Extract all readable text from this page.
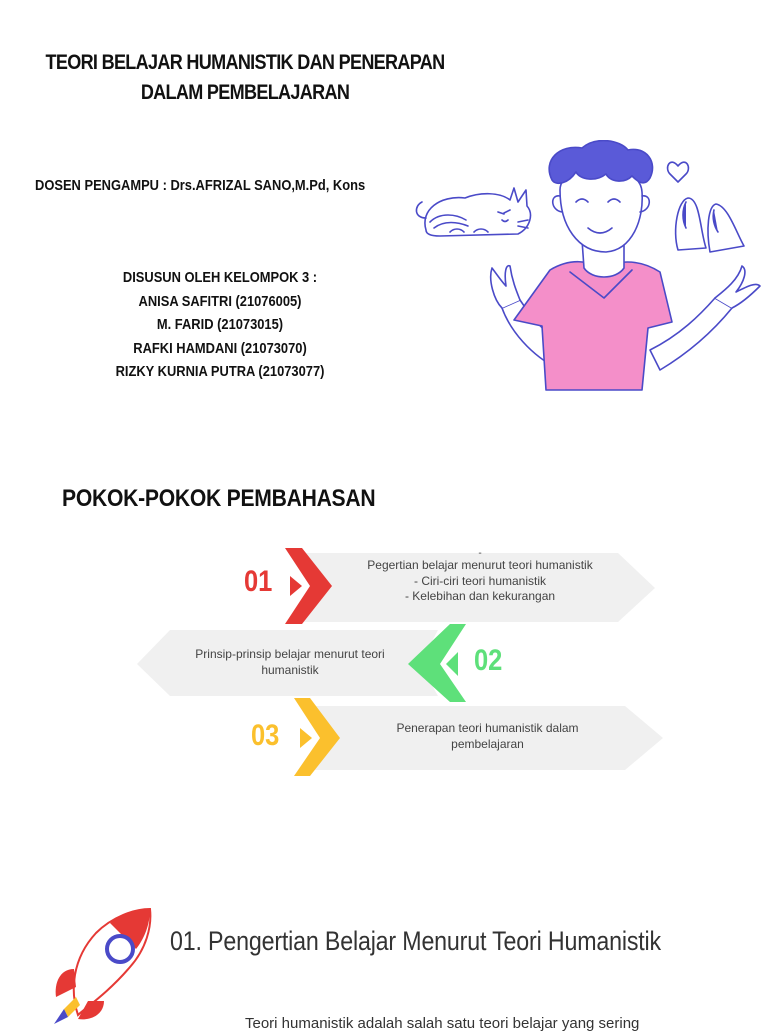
TEORI BELAJAR HUMANISTIK DAN PENERAPAN
DALAM PEMBELAJARAN
DOSEN PENGAMPU : Drs.AFRIZAL SANO,M.Pd, Kons
DISUSUN OLEH KELOMPOK 3 :
ANISA SAFITRI (21076005)
M. FARID (21073015)
RAFKI HAMDANI (21073070)
RIZKY KURNIA PUTRA (21073077)
POKOK-POKOK PEMBAHASAN
01
-
Pegertian belajar menurut teori humanistik
- Ciri-ciri teori humanistik
- Kelebihan dan kekurangan
02
Prinsip-prinsip belajar menurut teori
humanistik
03	Penerapan teori humanistik dalam
pembelajaran
01. Pengertian Belajar Menurut Teori Humanistik
Teori humanistik adalah salah satu teori belajar yang sering
